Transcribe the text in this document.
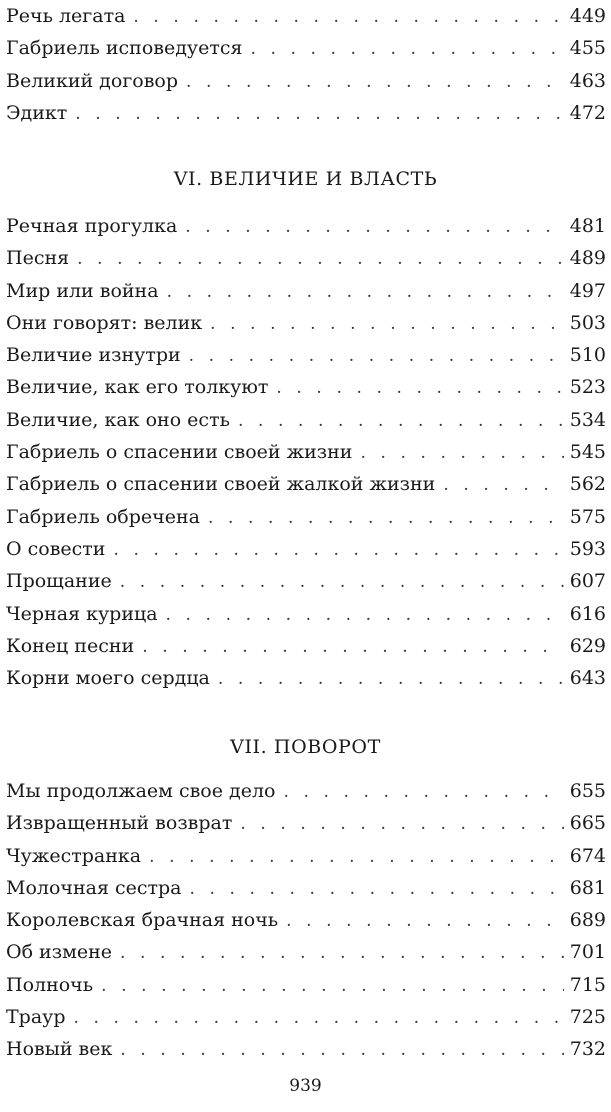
Речь легата . . .	449
Габриель исповедуется . . .	455
Великий договор . . .	463
Эдикт . . .	472
VI. ВЕЛИЧИЕ И ВЛАСТЬ
Речная прогулка . . .	481
Песня . . .	489
Мир или война . . .	497
Они говорят: велик . . .	503
Величие изнутри . . .	510
Величие, как его толкуют . . .	523
Величие, как оно есть . . .	534
Габриель о спасении своей жизни . . .	545
Габриель о спасении своей жалкой жизни . . .	562
Габриель обречена . . .	575
О совести . . .	593
Прощание . . .	607
Черная курица . . .	616
Конец песни . . .	629
Корни моего сердца . . .	643
VII. ПОВОРОТ
Мы продолжаем свое дело . . .	655
Извращенный возврат . . .	665
Чужестранка . . .	674
Молочная сестра . . .	681
Королевская брачная ночь . . .	689
Об измене . . .	701
Полночь . . .	715
Траур . . .	725
Новый век . . .	732
939
